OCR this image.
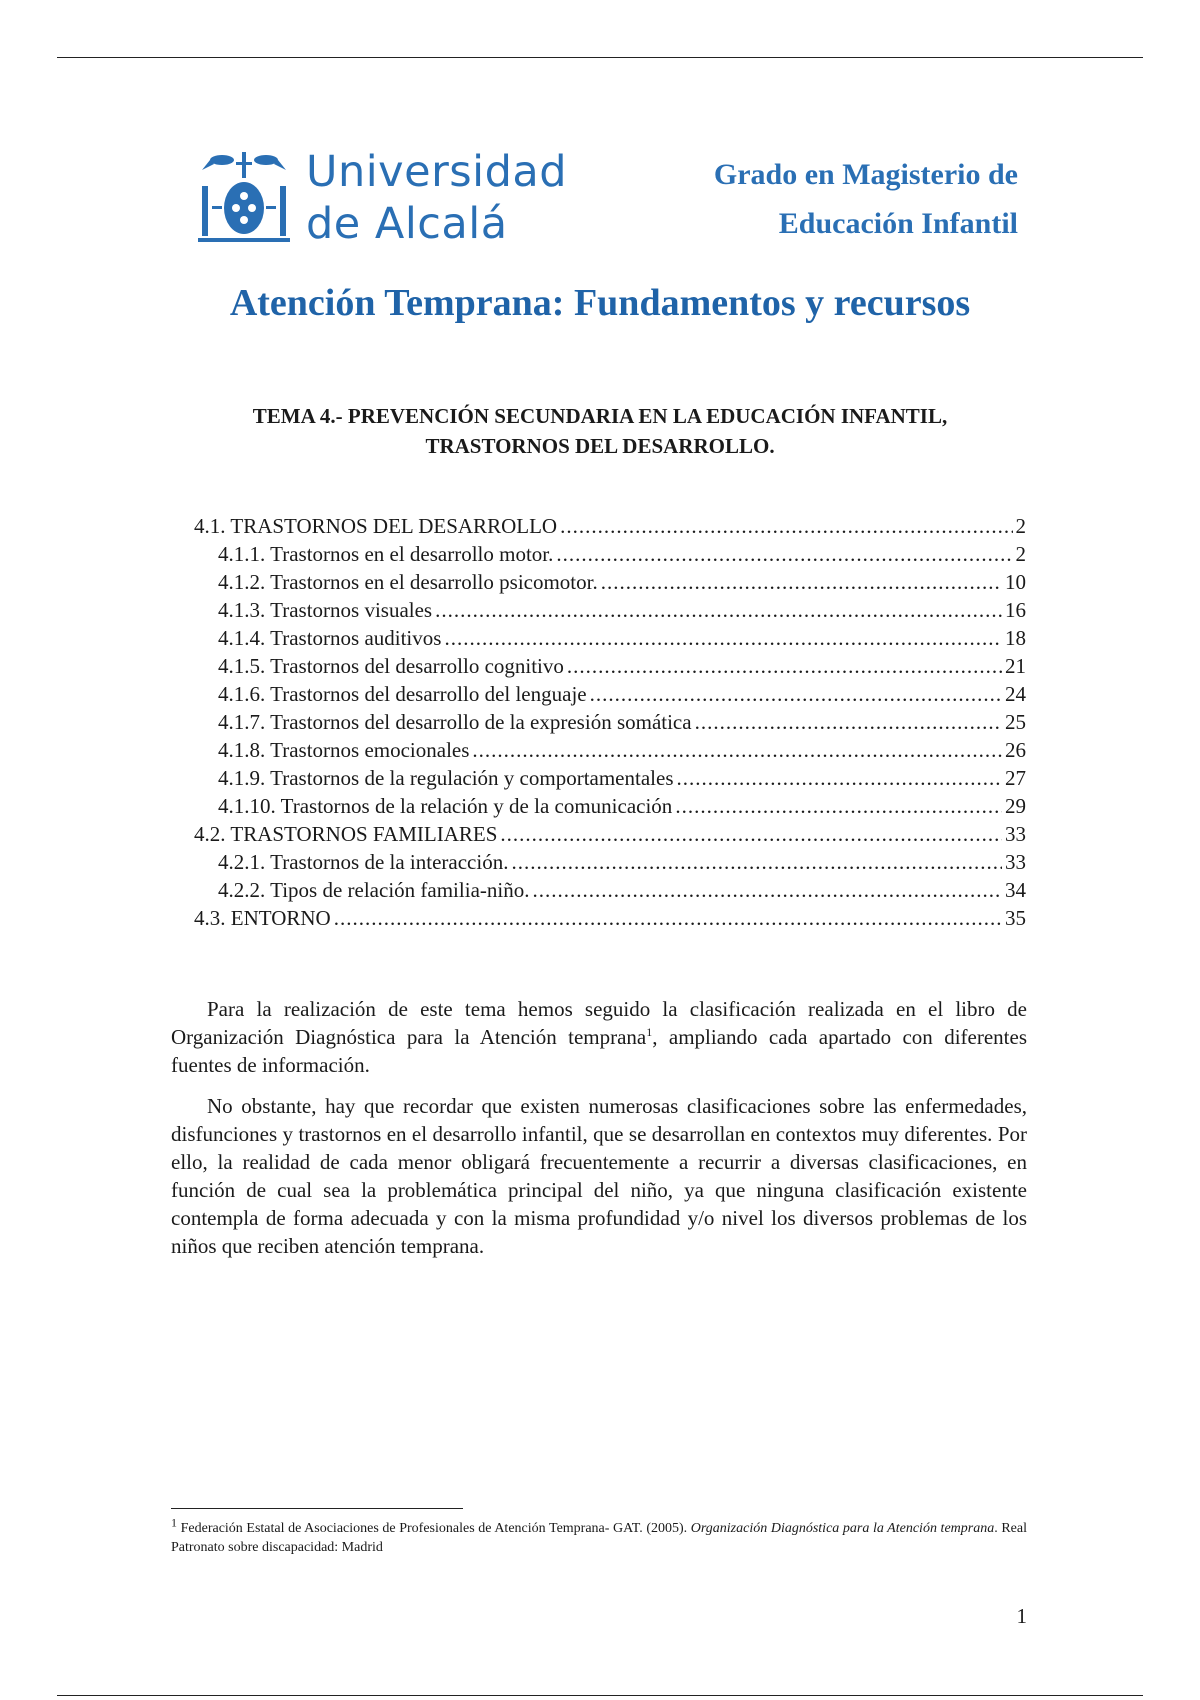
Universidad
de Alcalá
Grado en Magisterio de
Educación Infantil
Atención Temprana: Fundamentos y recursos
TEMA 4.- PREVENCIÓN SECUNDARIA EN LA EDUCACIÓN INFANTIL,
TRASTORNOS DEL DESARROLLO.
4.1. TRASTORNOS DEL DESARROLLO .....	2
4.1.1. Trastornos en el desarrollo motor. .....	2
4.1.2. Trastornos en el desarrollo psicomotor. .....	10
4.1.3. Trastornos visuales .....	16
4.1.4. Trastornos auditivos .....	18
4.1.5. Trastornos del desarrollo cognitivo .....	21
4.1.6. Trastornos del desarrollo del lenguaje .....	24
4.1.7. Trastornos del desarrollo de la expresión somática .....	25
4.1.8. Trastornos emocionales .....	26
4.1.9. Trastornos de la regulación y comportamentales .....	27
4.1.10. Trastornos de la relación y de la comunicación .....	29
4.2. TRASTORNOS FAMILIARES .....	33
4.2.1. Trastornos de la interacción. .....	33
4.2.2. Tipos de relación familia-niño. .....	34
4.3. ENTORNO .....	35

Para la realización de este tema hemos seguido la clasificación realizada en el libro de Organización Diagnóstica para la Atención temprana$^1$, ampliando cada apartado con diferentes fuentes de información.

No obstante, hay que recordar que existen numerosas clasificaciones sobre las enfermedades, disfunciones y trastornos en el desarrollo infantil, que se desarrollan en contextos muy diferentes. Por ello, la realidad de cada menor obligará frecuentemente a recurrir a diversas clasificaciones, en función de cual sea la problemática principal del niño, ya que ninguna clasificación existente contempla de forma adecuada y con la misma profundidad y/o nivel los diversos problemas de los niños que reciben atención temprana.

$^1$ Federación Estatal de Asociaciones de Profesionales de Atención Temprana- GAT. (2005). Organización Diagnóstica para la Atención temprana. Real Patronato sobre discapacidad: Madrid
1
